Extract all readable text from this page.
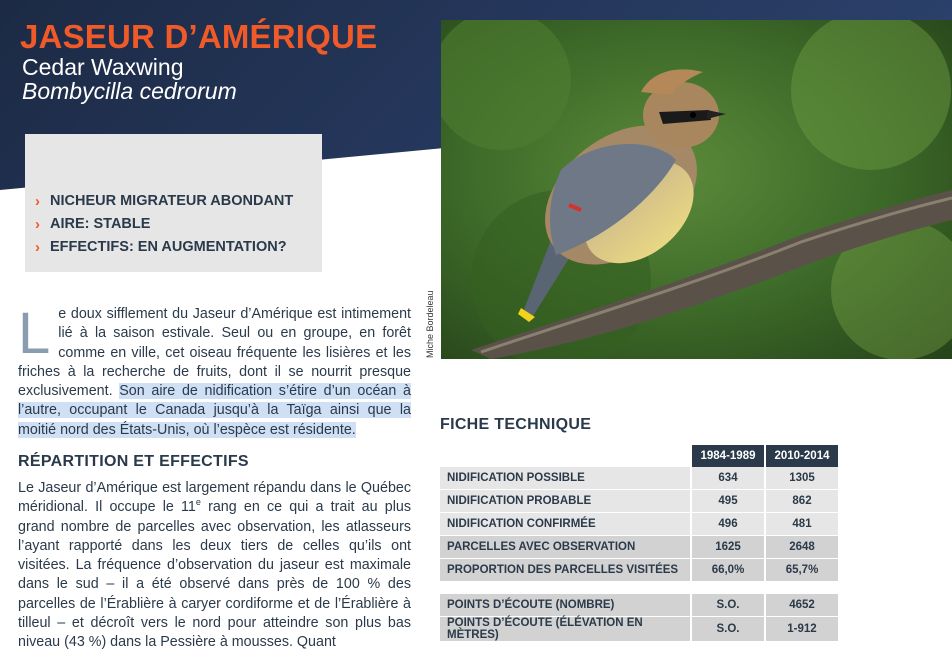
JASEUR D’AMÉRIQUE
Cedar Waxwing
Bombycilla cedrorum
› NICHEUR MIGRATEUR ABONDANT
› AIRE: STABLE
› EFFECTIFS: EN AUGMENTATION?
Miche Bordeleau
Le doux sifflement du Jaseur d’Amérique est intimement lié à la saison estivale. Seul ou en groupe, en forêt comme en ville, cet oiseau fréquente les lisières et les friches à la recherche de fruits, dont il se nourrit presque exclusivement. Son aire de nidification s’étire d’un océan à l’autre, occupant le Canada jusqu’à la Taïga ainsi que la moitié nord des États-Unis, où l’espèce est résidente.
RÉPARTITION ET EFFECTIFS
Le Jaseur d’Amérique est largement répandu dans le Québec méridional. Il occupe le 11e rang en ce qui a trait au plus grand nombre de parcelles avec observation, les atlasseurs l’ayant rapporté dans les deux tiers de celles qu’ils ont visitées. La fréquence d’observation du jaseur est maximale dans le sud – il a été observé dans près de 100 % des parcelles de l’Érablière à caryer cordiforme et de l’Érablière à tilleul – et décroît vers le nord pour atteindre son plus bas niveau (43 %) dans la Pessière à mousses. Quant
FICHE TECHNIQUE
	1984-1989	2010-2014
NIDIFICATION POSSIBLE	634	1305
NIDIFICATION PROBABLE	495	862
NIDIFICATION CONFIRMÉE	496	481
PARCELLES AVEC OBSERVATION	1625	2648
PROPORTION DES PARCELLES VISITÉES	66,0%	65,7%

POINTS D’ÉCOUTE (NOMBRE)	S.O.	4652
POINTS D’ÉCOUTE (ÉLÉVATION EN MÈTRES)	S.O.	1-912
